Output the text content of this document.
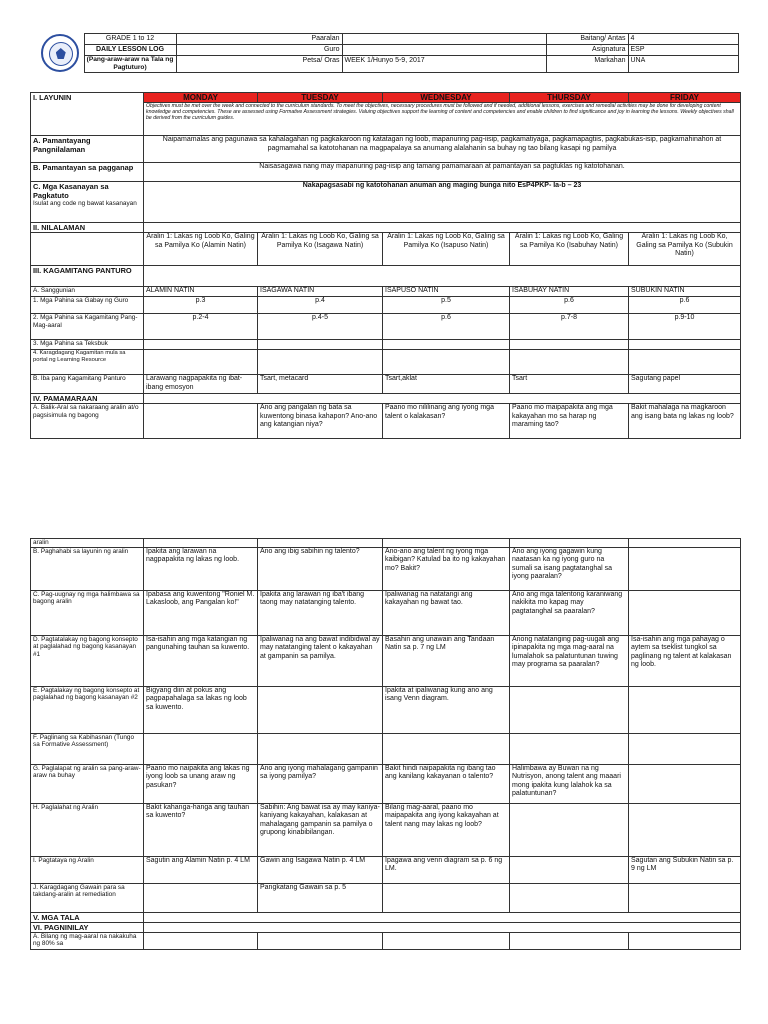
	GRADE 1 to 12	Paaralan		Baitang/ Antas	4
	DAILY LESSON LOG	Guro		Asignatura	ESP
	(Pang-araw-araw na Tala ng Pagtuturo)	Petsa/ Oras	WEEK 1/Hunyo 5-9, 2017	Markahan	UNA

I. LAYUNIN	MONDAY	TUESDAY	WEDNESDAY	THURSDAY	FRIDAY
	Objectives must be met over the week and connected to the curriculum standards. To meet the objectives, necessary procedures must be followed and if needed, additional lessons, exercises and remedial activities may be done for developing content knowledge and competencies. These are assessed using Formative Assessment strategies. Valuing objectives support the learning of content and competencies and enable children to find significance and joy in learning the lessons. Weekly objectives shall be derived from the curriculum guides.				
A. Pamantayang Pangnilalaman	Naipamamalas ang pagunawa sa kahalagahan ng pagkakaroon ng katatagan ng loob, mapanuring pag-iisip, pagkamatiyaga, pagkamapagtiis, pagkabukas-isip, pagkamahinahon at pagmamahal sa katotohanan na magpapalaya sa anumang alalahanin sa buhay ng tao bilang kasapi ng pamilya				
B. Pamantayan sa pagganap	Naisasagawa nang may mapanuring pag-iisip ang tamang pamamaraan at pamantayan sa pagtuklas ng katotohanan.				

C. Mga Kasanayan sa Pagkatuto
Isulat ang code ng bawat kasanayan	Nakapagsasabi ng katotohanan anuman ang maging bunga nito EsP4PKP- Ia-b – 23				
II. NILALAMAN					
	Aralin 1: Lakas ng Loob Ko, Galing sa Pamilya Ko (Alamin Natin)	Aralin 1: Lakas ng Loob Ko, Galing sa Pamilya Ko (Isagawa Natin)	Aralin 1: Lakas ng Loob Ko, Galing sa Pamilya Ko (Isapuso Natin)	Aralin 1: Lakas ng Loob Ko, Galing sa Pamilya Ko (Isabuhay Natin)	Aralin 1: Lakas ng Loob Ko, Galing sa Pamilya Ko (Subukin Natin)
III. KAGAMITANG PANTURO					
A. Sanggunian	ALAMIN NATIN	ISAGAWA NATIN	ISAPUSO NATIN	ISABUHAY NATIN	SUBUKIN NATIN
1. Mga Pahina sa Gabay ng Guro	p.3	p.4	p.5	p.6	p.6
2. Mga Pahina sa Kagamitang Pang-Mag-aaral	p.2-4	p.4-5	p.6	p.7-8	p.9-10
3. Mga Pahina sa Teksbuk					
4. Karagdagang Kagamitan mula sa portal ng Learning Resource					
B. Iba pang Kagamitang Panturo	Larawang nagpapakita ng ibat-ibang emosyon	Tsart, metacard	Tsart,aklat	Tsart	Sagutang papel
IV. PAMAMARAAN					
A. Balik-Aral sa nakaraang aralin at/o pagsisimula ng bagong		Ano ang pangalan ng bata sa kuwentong binasa kahapon? Ano-ano ang katangian niya?	Paano mo nililinang ang iyong mga talent o kalakasan?	Paano mo maipapakita ang mga kakayahan mo sa harap ng maraming tao?	Bakit mahalaga na magkaroon ang isang bata ng lakas ng loob?
aralin					
B. Paghahabi sa layunin ng aralin	Ipakita ang larawan na nagpapakita ng lakas ng loob.	Ano ang ibig sabihin ng talento?	Ano-ano ang talent ng iyong mga kaibigan? Katulad ba ito ng kakayahan mo? Bakit?	Ano ang iyong gagawin kung naatasan ka ng iyong guro na sumali sa isang pagtatanghal sa iyong paaralan?	
C. Pag-uugnay ng mga halimbawa sa bagong aralin	Ipabasa ang kuwentong "Roniel M. Lakasloob, ang Pangalan ko!"	Ipakita ang larawan ng iba't ibang taong may natatanging talento.	Ipaliwanag na natatangi ang kakayahan ng bawat tao.	Ano ang mga talentong karaniwang nakikita mo kapag may pagtatanghal sa paaralan?	
D. Pagtatalakay ng bagong konsepto at paglalahad ng bagong kasanayan #1	Isa-isahin ang mga katangian ng pangunahing tauhan sa kuwento.	Ipaliwanag na ang bawat indibidwal ay may natatanging talent o kakayahan at gampanin sa pamilya.	Basahin ang unawain ang Tandaan Natin sa p. 7 ng LM	Anong natatanging pag-uugali ang ipinapakita ng mga mag-aaral na lumalahok sa palatuntunan tuwing may programa sa paaralan?	Isa-isahin ang mga pahayag o aytem sa tseklist tungkol sa paglinang ng talent at kalakasan ng loob.
E. Pagtalakay ng bagong konsepto at paglalahad ng bagong kasanayan #2	Bigyang diin at pokus ang pagpapahalaga sa lakas ng loob sa kuwento.		Ipakita at ipaliwanag kung ano ang isang Venn diagram.		
F. Paglinang sa Kabihasnan (Tungo sa Formative Assessment)					
G. Paglalapat ng aralin sa pang-araw-araw na buhay	Paano mo naipakita ang lakas ng iyong loob sa unang araw ng pasukan?	Ano ang iyong mahalagang gampanin sa iyong pamilya?	Bakit hindi naipapakita ng ibang tao ang kanilang kakayanan o talento?	Halimbawa ay Buwan na ng Nutrisyon, anong talent ang maaari mong ipakita kung lalahok ka sa palatuntunan?	
H. Paglalahat ng Aralin	Bakit kahanga-hanga ang tauhan sa kuwento?	Sabihin: Ang bawat isa ay may kaniya-kaniyang kakayahan, kalakasan at mahalagang gampanin sa pamilya o grupong kinabibilangan.	Bilang mag-aaral, paano mo maipapakita ang iyong kakayahan at talent nang may lakas ng loob?		
I. Pagtataya ng Aralin	Sagutin ang Alamin Natin p. 4 LM	Gawin ang Isagawa Natin p. 4 LM	Ipagawa ang venn diagram sa p. 6 ng LM.		Sagutan ang Subukin Natin sa p. 9 ng LM
J. Karagdagang Gawain para sa takdang-aralin at remediation		Pangkatang Gawain sa p. 5			
V. MGA TALA					
VI. PAGNINILAY					
A. Bilang ng mag-aaral na nakakuha ng 80% sa					
